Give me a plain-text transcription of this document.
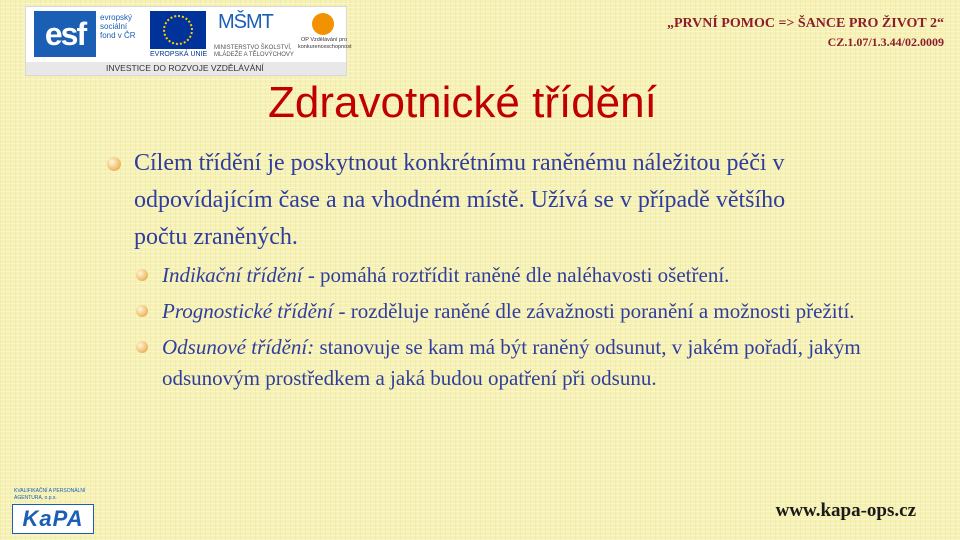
esf	evropský sociální fond v ČR
EVROPSKÁ UNIE
MŠMT
MINISTERSTVO ŠKOLSTVÍ, MLÁDEŽE A TĚLOVÝCHOVY
OP Vzdělávání pro konkurenceschopnost
INVESTICE DO ROZVOJE VZDĚLÁVÁNÍ
„PRVNÍ POMOC => ŠANCE PRO ŽIVOT 2“
CZ.1.07/1.3.44/02.0009
Zdravotnické třídění
Cílem třídění je poskytnout konkrétnímu raněnému náležitou péči v odpovídajícím čase a na vhodném místě. Užívá se v případě většího počtu zraněných.
Indikační třídění - pomáhá roztřídit raněné dle naléhavosti ošetření.
Prognostické třídění - rozděluje raněné dle závažnosti poranění a možnosti přežití.
Odsunové třídění: stanovuje se kam má být raněný odsunut, v jakém pořadí, jakým odsunovým prostředkem a jaká budou opatření při odsunu.
KVALIFIKAČNÍ A PERSONÁLNÍ AGENTURA, o.p.s.
KaPA	www.kapa-ops.cz
